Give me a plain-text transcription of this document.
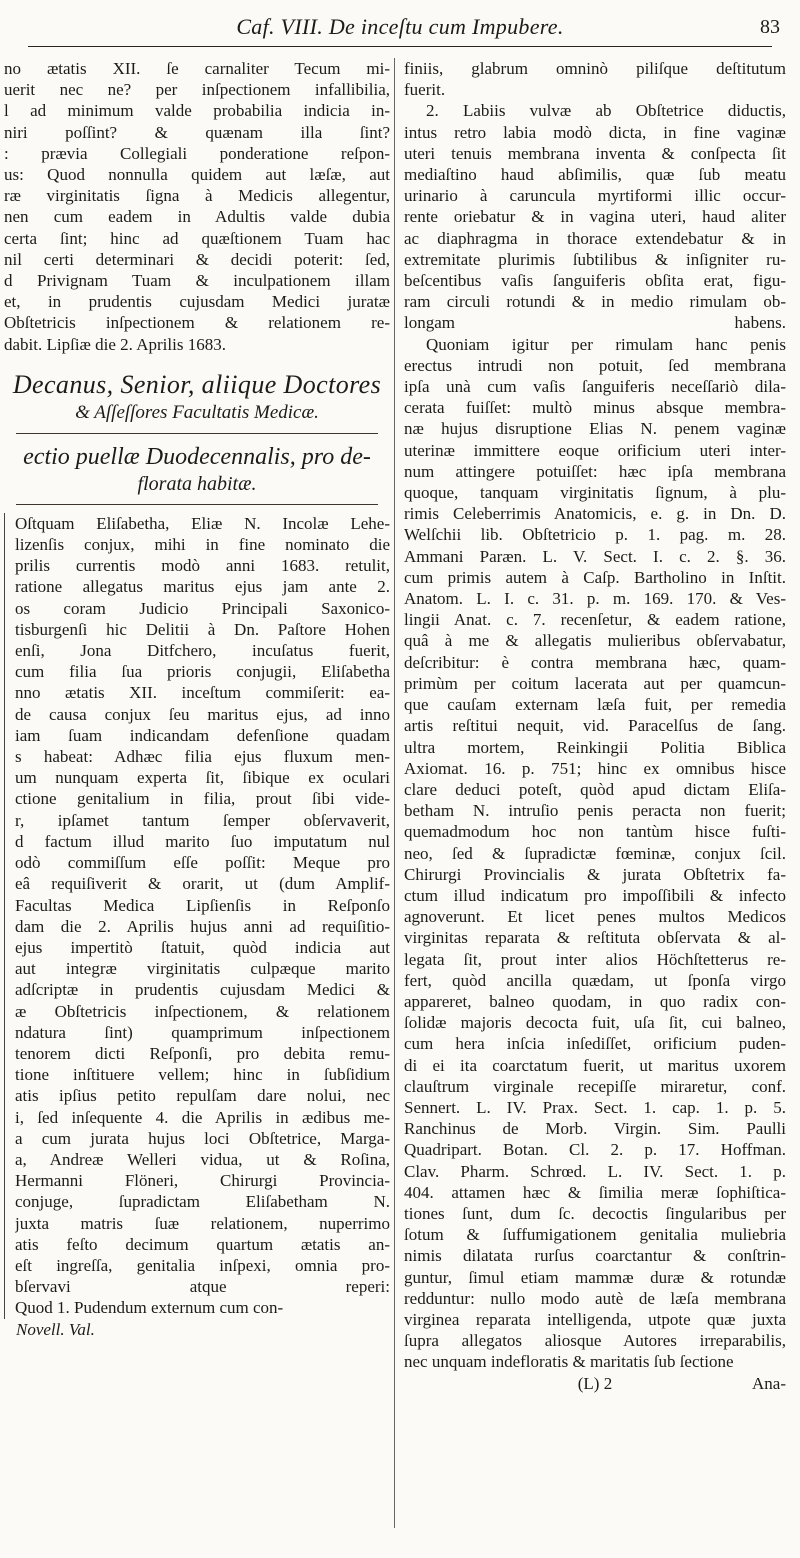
Caf. VIII. De inceſtu cum Impubere.	83
no ætatis XII. ſe carnaliter Tecum mi-
uerit nec ne? per inſpectionem infallibilia,
l ad minimum valde probabilia indicia in-
niri poſſint? & quænam illa ſint?
: prævia Collegiali ponderatione reſpon-
us: Quod nonnulla quidem aut læſæ, aut
ræ virginitatis ſigna à Medicis allegentur,
nen cum eadem in Adultis valde dubia
certa ſint; hinc ad quæſtionem Tuam hac
nil certi determinari & decidi poterit: ſed,
d Privignam Tuam & inculpationem illam
et, in prudentis cujusdam Medici juratæ
Obſtetricis inſpectionem & relationem re-
dabit. Lipſiæ die 2. Aprilis 1683.
Decanus, Senior, aliique Doctores
& Aſſeſſores Facultatis Medicæ.
ectio puellæ Duodecennalis, pro de-
florata habitæ.
Oſtquam Eliſabetha, Eliæ N. Incolæ Lehe-
lizenſis conjux, mihi in fine nominato die
prilis currentis modò anni 1683. retulit,
ratione allegatus maritus ejus jam ante 2.
os coram Judicio Principali Saxonico-
tisburgenſi hic Delitii à Dn. Paſtore Hohen
enſi, Jona Ditfchero, incuſatus fuerit,
cum filia ſua prioris conjugii, Eliſabetha
nno ætatis XII. inceſtum commiſerit: ea-
de causa conjux ſeu maritus ejus, ad inno
iam ſuam indicandam defenſione quadam
s habeat: Adhæc filia ejus fluxum men-
um nunquam experta ſit, ſibique ex oculari
ctione genitalium in filia, prout ſibi vide-
r, ipſamet tantum ſemper obſervaverit,
d factum illud marito ſuo imputatum nul
odò commiſſum eſſe poſſit: Meque pro
eâ requiſiverit & orarit, ut (dum Amplif-
Facultas Medica Lipſienſis in Reſponſo
dam die 2. Aprilis hujus anni ad requiſitio-
ejus impertitò ſtatuit, quòd indicia aut
aut integræ virginitatis culpæque marito
adſcriptæ in prudentis cujusdam Medici &
æ Obſtetricis inſpectionem, & relationem
ndatura ſint) quamprimum inſpectionem
tenorem dicti Reſponſi, pro debita remu-
tione inſtituere vellem; hinc in ſubſidium
atis ipſius petito repulſam dare nolui, nec
i, ſed inſequente 4. die Aprilis in ædibus me-
a cum jurata hujus loci Obſtetrice, Marga-
a, Andreæ Welleri vidua, ut & Roſina,
Hermanni Flöneri, Chirurgi Provincia-
conjuge, ſupradictam Eliſabetham N.
juxta matris ſuæ relationem, nuperrimo
atis feſto decimum quartum ætatis an-
eſt ingreſſa, genitalia inſpexi, omnia pro-
bſervavi atque reperi:
Quod 1. Pudendum externum cum con-
Novell. Val.
finiis, glabrum omninò piliſque deſtitutum
fuerit.
2. Labiis vulvæ ab Obſtetrice diductis,
intus retro labia modò dicta, in fine vaginæ
uteri tenuis membrana inventa & conſpecta ſit
mediaſtino haud abſimilis, quæ ſub meatu
urinario à caruncula myrtiformi illic occur-
rente oriebatur & in vagina uteri, haud aliter
ac diaphragma in thorace extendebatur & in
extremitate plurimis ſubtilibus & inſigniter ru-
beſcentibus vaſis ſanguiferis obſita erat, figu-
ram circuli rotundi & in medio rimulam ob-
longam habens.
Quoniam igitur per rimulam hanc penis
erectus intrudi non potuit, ſed membrana
ipſa unà cum vaſis ſanguiferis neceſſariò dila-
cerata fuiſſet: multò minus absque membra-
næ hujus disruptione Elias N. penem vaginæ
uterinæ immittere eoque orificium uteri inter-
num attingere potuiſſet: hæc ipſa membrana
quoque, tanquam virginitatis ſignum, à plu-
rimis Celeberrimis Anatomicis, e. g. in Dn. D.
Welſchii lib. Obſtetricio p. 1. pag. m. 28.
Ammani Paræn. L. V. Sect. I. c. 2. §. 36.
cum primis autem à Caſp. Bartholino in Inſtit.
Anatom. L. I. c. 31. p. m. 169. 170. & Ves-
lingii Anat. c. 7. recenſetur, & eadem ratione,
quâ à me & allegatis mulieribus obſervabatur,
deſcribitur: è contra membrana hæc, quam-
primùm per coitum lacerata aut per quamcun-
que cauſam externam læſa fuit, per remedia
artis reſtitui nequit, vid. Paracelſus de ſang.
ultra mortem, Reinkingii Politia Biblica
Axiomat. 16. p. 751; hinc ex omnibus hisce
clare deduci poteſt, quòd apud dictam Eliſa-
betham N. intruſio penis peracta non fuerit;
quemadmodum hoc non tantùm hisce fuſti-
neo, ſed & ſupradictæ fœminæ, conjux ſcil.
Chirurgi Provincialis & jurata Obſtetrix fa-
ctum illud indicatum pro impoſſibili & infecto
agnoverunt. Et licet penes multos Medicos
virginitas reparata & reſtituta obſervata & al-
legata ſit, prout inter alios Höchſtetterus re-
fert, quòd ancilla quædam, ut ſponſa virgo
appareret, balneo quodam, in quo radix con-
ſolidæ majoris decocta fuit, uſa ſit, cui balneo,
cum hera inſcia inſediſſet, orificium puden-
di ei ita coarctatum fuerit, ut maritus uxorem
clauſtrum virginale recepiſſe miraretur, conf.
Sennert. L. IV. Prax. Sect. 1. cap. 1. p. 5.
Ranchinus de Morb. Virgin. Sim. Paulli
Quadripart. Botan. Cl. 2. p. 17. Hoffman.
Clav. Pharm. Schrœd. L. IV. Sect. 1. p.
404. attamen hæc & ſimilia meræ ſophiſtica-
tiones ſunt, dum ſc. decoctis ſingularibus per
ſotum & ſuffumigationem genitalia muliebria
nimis dilatata rurſus coarctantur & conſtrin-
guntur, ſimul etiam mammæ duræ & rotundæ
redduntur: nullo modo autè de læſa membrana
virginea reparata intelligenda, utpote quæ juxta
ſupra allegatos aliosque Autores irreparabilis,
nec unquam indefloratis & maritatis ſub ſectione
(L) 2	Ana-
